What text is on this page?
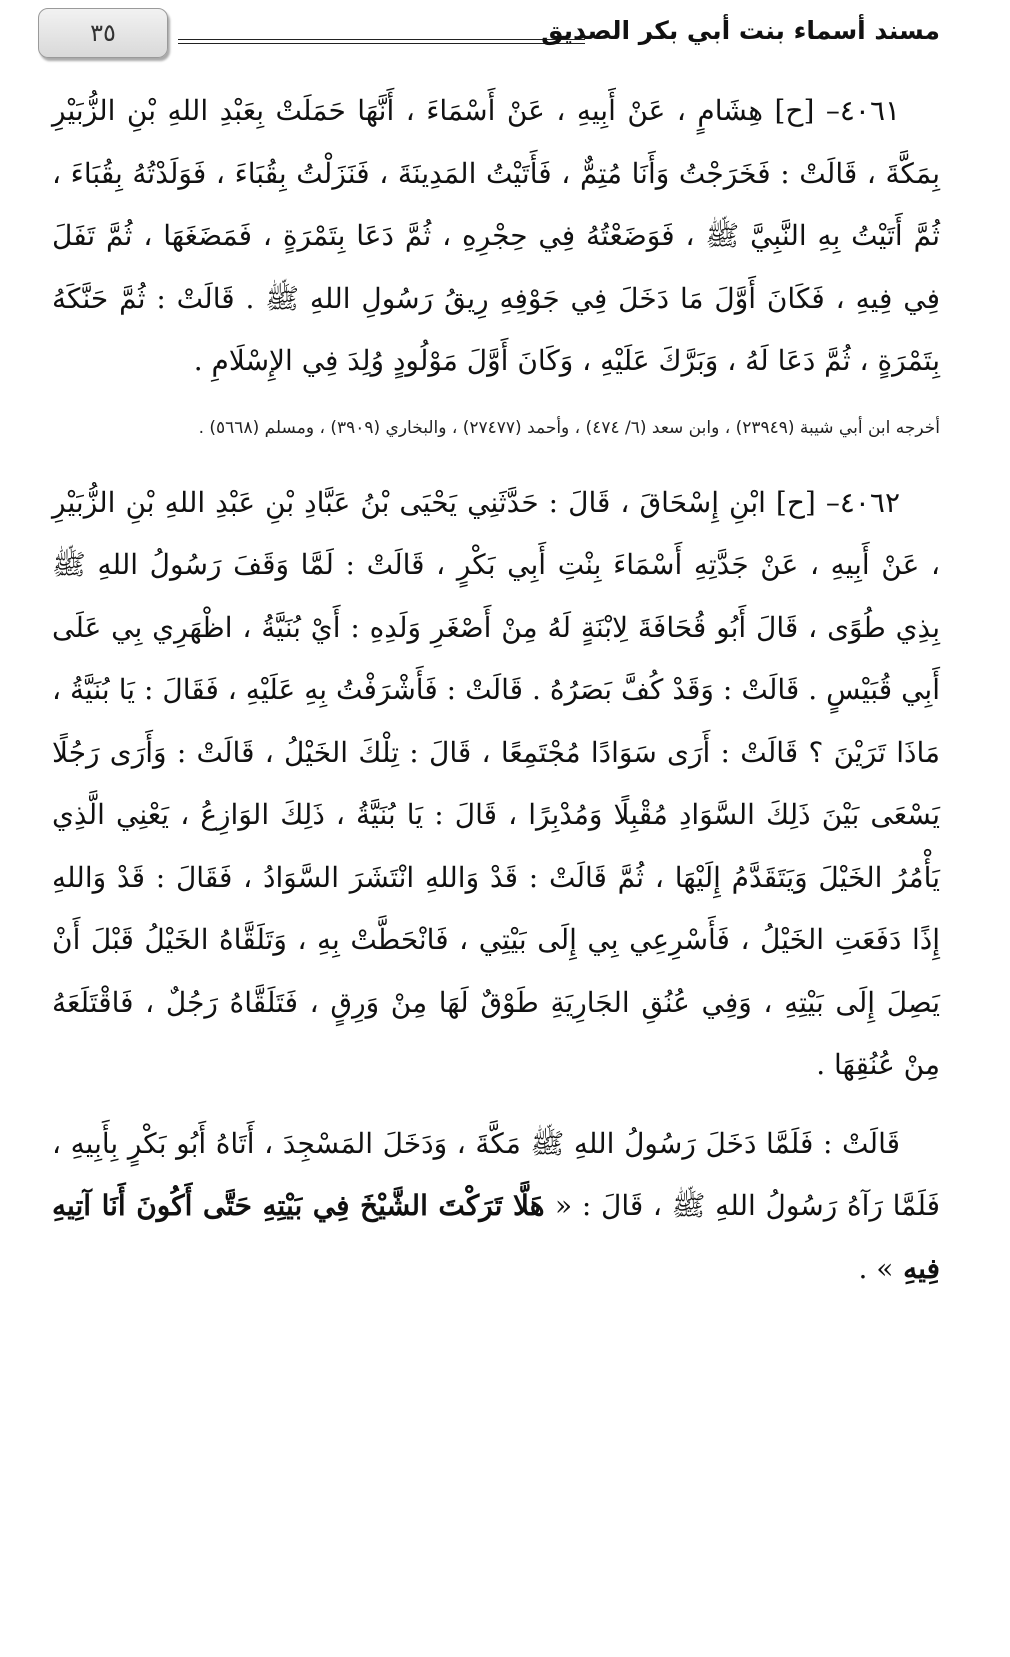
٣٥	مسند أسماء بنت أبي بكر الصديق

٤٠٦١– [ح] هِشَامٍ ، عَنْ أَبِيهِ ، عَنْ أَسْمَاءَ ، أَنَّهَا حَمَلَتْ بِعَبْدِ اللهِ بْنِ الزُّبَيْرِ بِمَكَّةَ ، قَالَتْ : فَخَرَجْتُ وَأَنَا مُتِمٌّ ، فَأَتَيْتُ المَدِينَةَ ، فَنَزَلْتُ بِقُبَاءَ ، فَوَلَدْتُهُ بِقُبَاءَ ، ثُمَّ أَتَيْتُ بِهِ النَّبِيَّ ﷺ ، فَوَضَعْتُهُ فِي حِجْرِهِ ، ثُمَّ دَعَا بِتَمْرَةٍ ، فَمَضَغَهَا ، ثُمَّ تَفَلَ فِي فِيهِ ، فَكَانَ أَوَّلَ مَا دَخَلَ فِي جَوْفِهِ رِيقُ رَسُولِ اللهِ ﷺ . قَالَتْ : ثُمَّ حَنَّكَهُ بِتَمْرَةٍ ، ثُمَّ دَعَا لَهُ ، وَبَرَّكَ عَلَيْهِ ، وَكَانَ أَوَّلَ مَوْلُودٍ وُلِدَ فِي الإِسْلَامِ .

أخرجه ابن أبي شيبة (٢٣٩٤٩) ، وابن سعد (٦/ ٤٧٤) ، وأحمد (٢٧٤٧٧) ، والبخاري (٣٩٠٩) ، ومسلم (٥٦٦٨) .

٤٠٦٢– [ح] ابْنِ إِسْحَاقَ ، قَالَ : حَدَّثَنِي يَحْيَى بْنُ عَبَّادِ بْنِ عَبْدِ اللهِ بْنِ الزُّبَيْرِ ، عَنْ أَبِيهِ ، عَنْ جَدَّتِهِ أَسْمَاءَ بِنْتِ أَبِي بَكْرٍ ، قَالَتْ : لَمَّا وَقَفَ رَسُولُ اللهِ ﷺ بِذِي طُوًى ، قَالَ أَبُو قُحَافَةَ لِابْنَةٍ لَهُ مِنْ أَصْغَرِ وَلَدِهِ : أَيْ بُنَيَّةُ ، اظْهَرِي بِي عَلَى أَبِي قُبَيْسٍ . قَالَتْ : وَقَدْ كُفَّ بَصَرُهُ . قَالَتْ : فَأَشْرَفْتُ بِهِ عَلَيْهِ ، فَقَالَ : يَا بُنَيَّةُ ، مَاذَا تَرَيْنَ ؟ قَالَتْ : أَرَى سَوَادًا مُجْتَمِعًا ، قَالَ : تِلْكَ الخَيْلُ ، قَالَتْ : وَأَرَى رَجُلًا يَسْعَى بَيْنَ ذَلِكَ السَّوَادِ مُقْبِلًا وَمُدْبِرًا ، قَالَ : يَا بُنَيَّةُ ، ذَلِكَ الوَازِعُ ، يَعْنِي الَّذِي يَأْمُرُ الخَيْلَ وَيَتَقَدَّمُ إِلَيْهَا ، ثُمَّ قَالَتْ : قَدْ وَاللهِ انْتَشَرَ السَّوَادُ ، فَقَالَ : قَدْ وَاللهِ إِذًا دَفَعَتِ الخَيْلُ ، فَأَسْرِعِي بِي إِلَى بَيْتِي ، فَانْحَطَّتْ بِهِ ، وَتَلَقَّاهُ الخَيْلُ قَبْلَ أَنْ يَصِلَ إِلَى بَيْتِهِ ، وَفِي عُنُقِ الجَارِيَةِ طَوْقٌ لَهَا مِنْ وَرِقٍ ، فَتَلَقَّاهُ رَجُلٌ ، فَاقْتَلَعَهُ مِنْ عُنُقِهَا .

قَالَتْ : فَلَمَّا دَخَلَ رَسُولُ اللهِ ﷺ مَكَّةَ ، وَدَخَلَ المَسْجِدَ ، أَتَاهُ أَبُو بَكْرٍ بِأَبِيهِ ، فَلَمَّا رَآهُ رَسُولُ اللهِ ﷺ ، قَالَ : « هَلَّا تَرَكْتَ الشَّيْخَ فِي بَيْتِهِ حَتَّى أَكُونَ أَنَا آتِيهِ فِيهِ » .
